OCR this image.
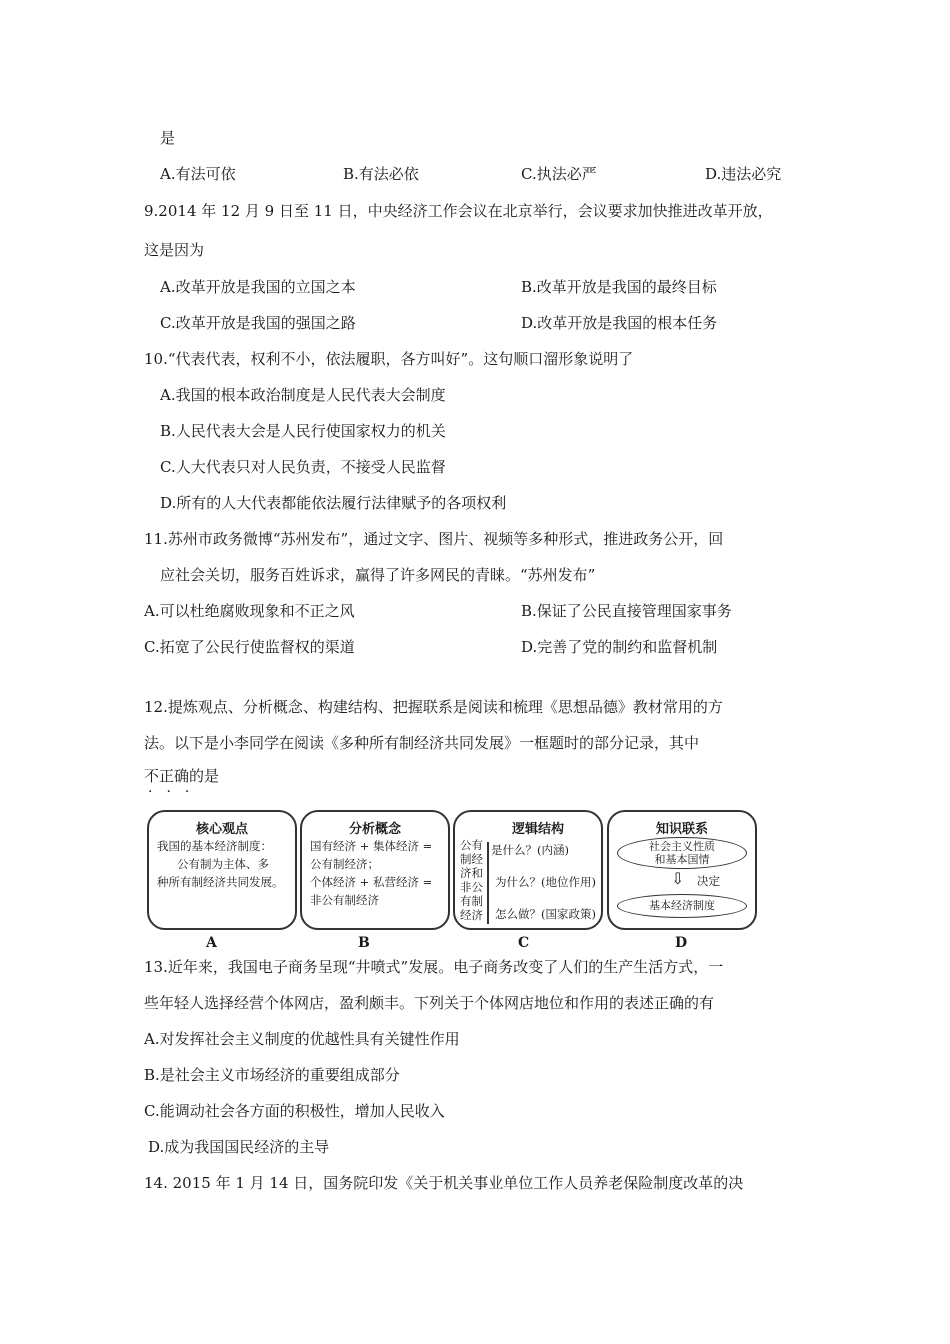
是
A.有法可依	B.有法必依	C.执法必严	D.违法必究
9.2014 年 12 月 9 日至 11 日，中央经济工作会议在北京举行，会议要求加快推进改革开放，
这是因为
A.改革开放是我国的立国之本	B.改革开放是我国的最终目标
C.改革开放是我国的强国之路	D.改革开放是我国的根本任务
10.“代表代表，权利不小，依法履职，各方叫好”。这句顺口溜形象说明了
A.我国的根本政治制度是人民代表大会制度
B.人民代表大会是人民行使国家权力的机关
C.人大代表只对人民负责，不接受人民监督
D.所有的人大代表都能依法履行法律赋予的各项权利
11.苏州市政务微博“苏州发布”，通过文字、图片、视频等多种形式，推进政务公开，回
应社会关切，服务百姓诉求，赢得了许多网民的青睐。“苏州发布”
A.可以杜绝腐败现象和不正之风	B.保证了公民直接管理国家事务
C.拓宽了公民行使监督权的渠道	D.完善了党的制约和监督机制
12.提炼观点、分析概念、构建结构、把握联系是阅读和梳理《思想品德》教材常用的方
法。以下是小李同学在阅读《多种所有制经济共同发展》一框题时的部分记录，其中
不正确的是
···
核心观点
我国的基本经济制度：
公有制为主体、多
种所有制经济共同发展。
分析概念
国有经济 + 集体经济 =
公有制经济；
个体经济 + 私营经济 =
非公有制经济
逻辑结构
公有制经济和非公有制经济
是什么？(内涵)
为什么？(地位作用)
怎么做？(国家政策)
知识联系
社会主义性质
和基本国情
⇩ 决定
基本经济制度
A	B	C	D
13.近年来，我国电子商务呈现“井喷式”发展。电子商务改变了人们的生产生活方式，一
些年轻人选择经营个体网店，盈利颇丰。下列关于个体网店地位和作用的表述正确的有
A.对发挥社会主义制度的优越性具有关键性作用
B.是社会主义市场经济的重要组成部分
C.能调动社会各方面的积极性，增加人民收入
D.成为我国国民经济的主导
14. 2015 年 1 月 14 日，国务院印发《关于机关事业单位工作人员养老保险制度改革的决
